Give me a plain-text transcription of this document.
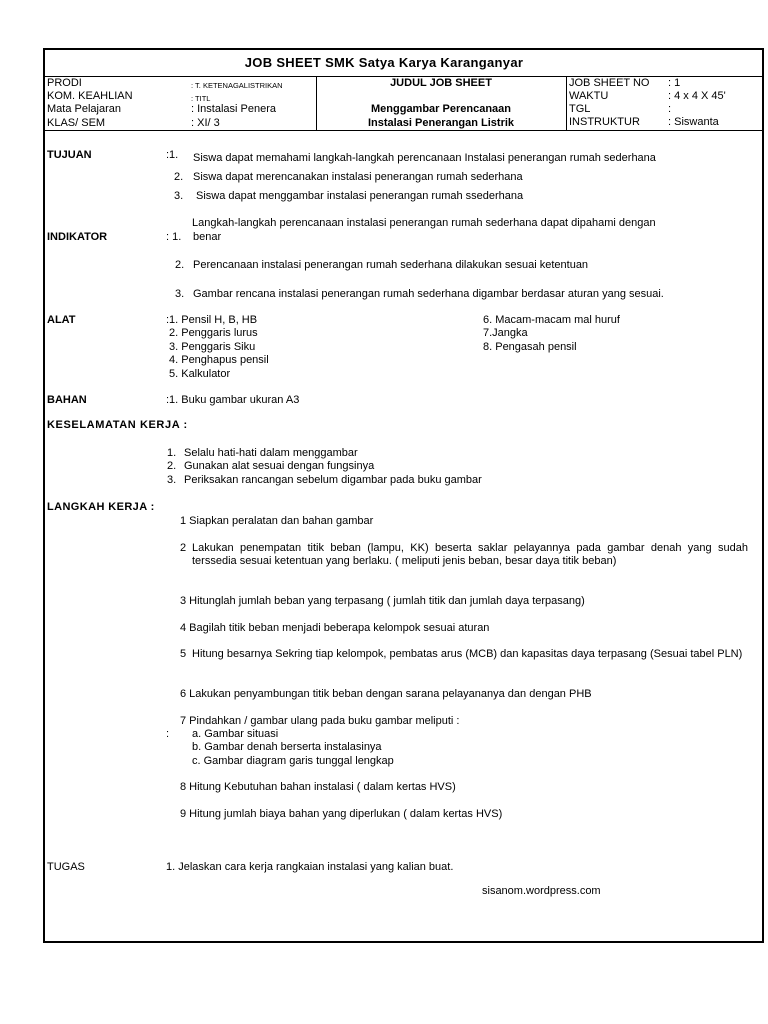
JOB SHEET SMK Satya Karya Karanganyar
PRODI	: T. KETENAGALISTRIKAN
KOM. KEAHLIAN	: TITL
Mata Pelajaran	: Instalasi Penera
KLAS/ SEM	: XI/ 3
JUDUL JOB SHEET
Menggambar Perencanaan
Instalasi Penerangan Listrik
JOB SHEET NO : 1
WAKTU	: 4 x 4 X 45'
TGL	:
INSTRUKTUR	: Siswanta
TUJUAN	:1. Siswa dapat memahami langkah-langkah perencanaan Instalasi penerangan rumah sederhana
2. Siswa dapat merencanakan instalasi penerangan rumah sederhana
3. Siswa dapat menggambar instalasi penerangan rumah ssederhana
Langkah-langkah perencanaan instalasi penerangan rumah sederhana dapat dipahami dengan
INDIKATOR	: 1. benar
2. Perencanaan instalasi penerangan rumah sederhana dilakukan sesuai ketentuan
3. Gambar rencana instalasi penerangan rumah sederhana digambar berdasar aturan yang sesuai.
ALAT	:1. Pensil H, B, HB
2. Penggaris lurus
3. Penggaris Siku
4. Penghapus pensil
5. Kalkulator
6. Macam-macam mal huruf
7.Jangka
8. Pengasah pensil
BAHAN	:1. Buku gambar ukuran A3
KESELAMATAN KERJA :
1. Selalu hati-hati dalam menggambar
2. Gunakan alat sesuai dengan fungsinya
3. Periksakan rancangan sebelum digambar pada buku gambar
LANGKAH KERJA :
1 Siapkan peralatan dan bahan gambar
2 Lakukan penempatan titik beban (lampu, KK) beserta saklar pelayannya pada gambar denah yang sudah terssedia sesuai ketentuan yang berlaku. ( meliputi jenis beban, besar daya titik beban)
3 Hitunglah jumlah beban yang terpasang ( jumlah titik dan jumlah daya terpasang)
4 Bagilah titik beban menjadi beberapa kelompok sesuai aturan
5 Hitung besarnya Sekring tiap kelompok, pembatas arus (MCB) dan kapasitas daya terpasang (Sesuai tabel PLN)
6 Lakukan penyambungan titik beban dengan sarana pelayananya dan dengan PHB
7 Pindahkan / gambar ulang pada buku gambar meliputi :
: a. Gambar situasi
b. Gambar denah berserta instalasinya
c. Gambar diagram garis tunggal lengkap
8 Hitung Kebutuhan bahan instalasi ( dalam kertas HVS)
9 Hitung jumlah biaya bahan yang diperlukan ( dalam kertas HVS)
TUGAS	1. Jelaskan cara kerja rangkaian instalasi yang kalian buat.
sisanom.wordpress.com
